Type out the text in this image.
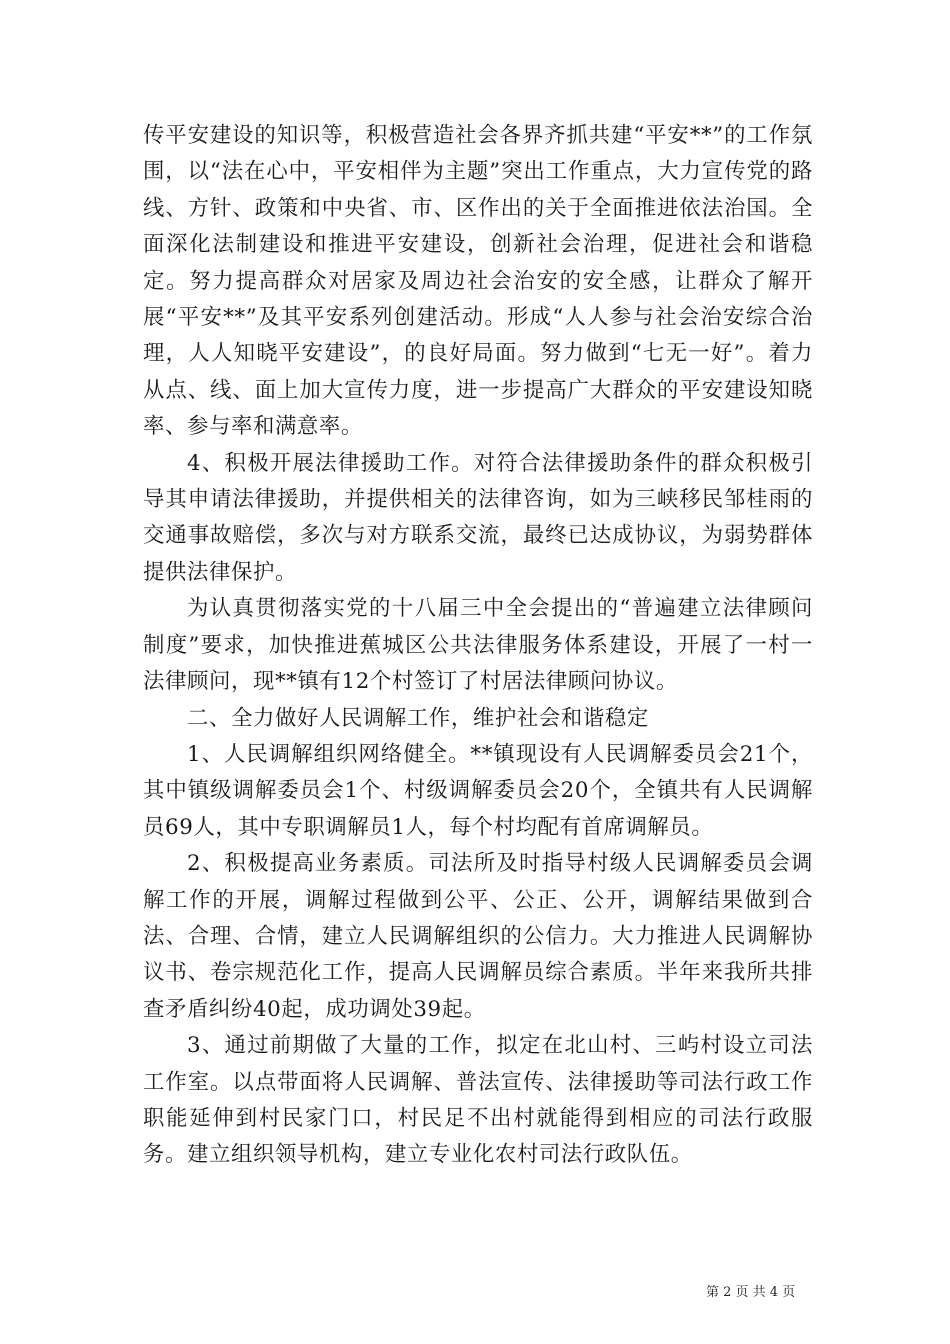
传平安建设的知识等，积极营造社会各界齐抓共建“平安**”的工作氛围，以“法在心中，平安相伴为主题”突出工作重点，大力宣传党的路线、方针、政策和中央省、市、区作出的关于全面推进依法治国。全面深化法制建设和推进平安建设，创新社会治理，促进社会和谐稳定。努力提高群众对居家及周边社会治安的安全感，让群众了解开展“平安**”及其平安系列创建活动。形成“人人参与社会治安综合治理，人人知晓平安建设”，的良好局面。努力做到“七无一好”。着力从点、线、面上加大宣传力度，进一步提高广大群众的平安建设知晓率、参与率和满意率。

4、积极开展法律援助工作。对符合法律援助条件的群众积极引导其申请法律援助，并提供相关的法律咨询，如为三峡移民邹桂雨的交通事故赔偿，多次与对方联系交流，最终已达成协议，为弱势群体提供法律保护。

为认真贯彻落实党的十八届三中全会提出的“普遍建立法律顾问制度”要求，加快推进蕉城区公共法律服务体系建设，开展了一村一法律顾问，现**镇有12个村签订了村居法律顾问协议。

二、全力做好人民调解工作，维护社会和谐稳定

1、人民调解组织网络健全。**镇现设有人民调解委员会21个，其中镇级调解委员会1个、村级调解委员会20个，全镇共有人民调解员69人，其中专职调解员1人，每个村均配有首席调解员。

2、积极提高业务素质。司法所及时指导村级人民调解委员会调解工作的开展，调解过程做到公平、公正、公开，调解结果做到合法、合理、合情，建立人民调解组织的公信力。大力推进人民调解协议书、卷宗规范化工作，提高人民调解员综合素质。半年来我所共排查矛盾纠纷40起，成功调处39起。

3、通过前期做了大量的工作，拟定在北山村、三屿村设立司法工作室。以点带面将人民调解、普法宣传、法律援助等司法行政工作职能延伸到村民家门口，村民足不出村就能得到相应的司法行政服务。建立组织领导机构，建立专业化农村司法行政队伍。

第 2 页 共 4 页
